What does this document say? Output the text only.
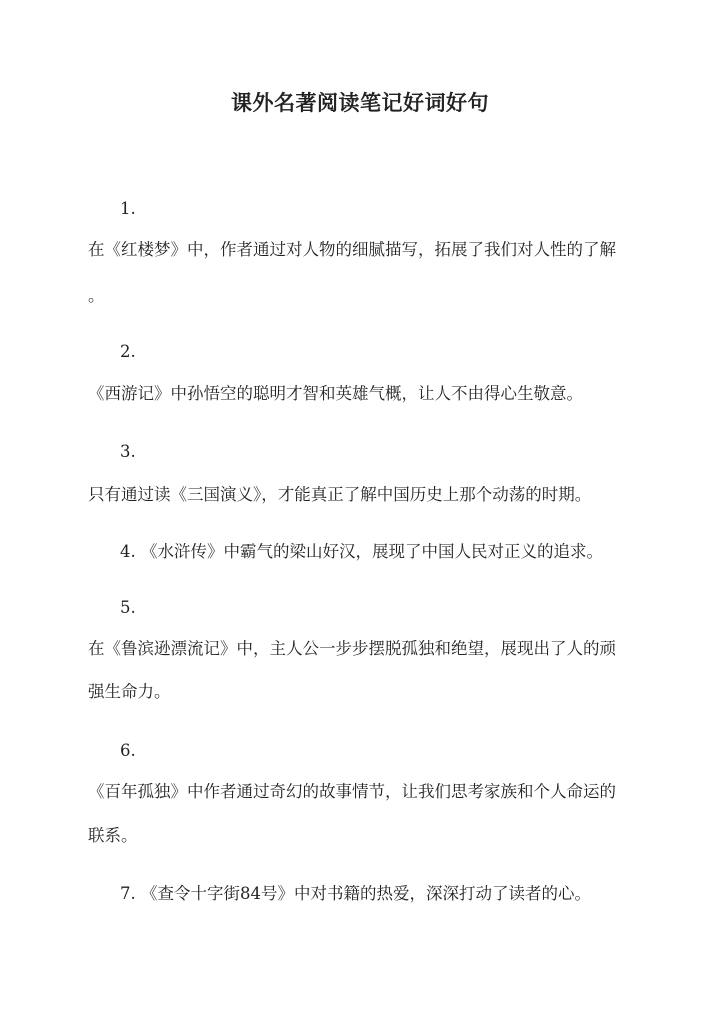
课外名著阅读笔记好词好句
1.
在《红楼梦》中，作者通过对人物的细腻描写，拓展了我们对人性的了解
。
2.
《西游记》中孙悟空的聪明才智和英雄气概，让人不由得心生敬意。
3.
只有通过读《三国演义》，才能真正了解中国历史上那个动荡的时期。
4. 《水浒传》中霸气的梁山好汉，展现了中国人民对正义的追求。
5.
在《鲁滨逊漂流记》中，主人公一步步摆脱孤独和绝望，展现出了人的顽
强生命力。
6.
《百年孤独》中作者通过奇幻的故事情节，让我们思考家族和个人命运的
联系。
7. 《查令十字街84号》中对书籍的热爱，深深打动了读者的心。
